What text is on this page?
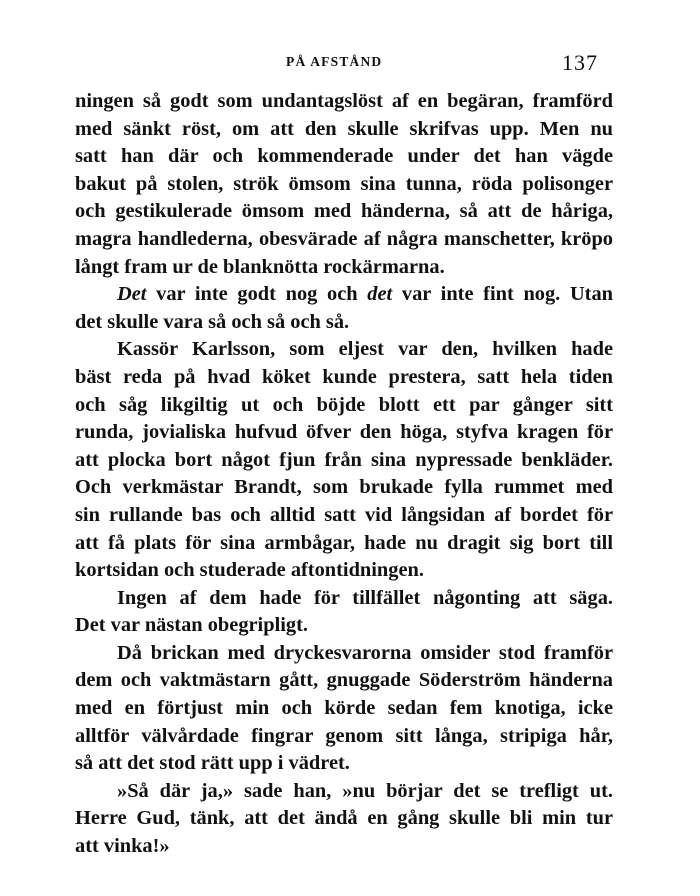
PÅ AFSTÅND	137
ningen så godt som undantagslöst af en begäran, framförd
med sänkt röst, om att den skulle skrifvas upp. Men nu
satt han där och kommenderade under det han vägde
bakut på stolen, strök ömsom sina tunna, röda polisonger
och gestikulerade ömsom med händerna, så att de håriga,
magra handlederna, obesvärade af några manschetter, kröpo
långt fram ur de blanknötta rockärmarna.
Det var inte godt nog och det var inte fint nog. Utan
det skulle vara så och så och så.
Kassör Karlsson, som eljest var den, hvilken hade
bäst reda på hvad köket kunde prestera, satt hela tiden
och såg likgiltig ut och böjde blott ett par gånger sitt
runda, jovialiska hufvud öfver den höga, styfva kragen för
att plocka bort något fjun från sina nypressade benkläder.
Och verkmästar Brandt, som brukade fylla rummet med
sin rullande bas och alltid satt vid långsidan af bordet för
att få plats för sina armbågar, hade nu dragit sig bort till
kortsidan och studerade aftontidningen.
Ingen af dem hade för tillfället någonting att säga.
Det var nästan obegripligt.
Då brickan med dryckesvarorna omsider stod framför
dem och vaktmästarn gått, gnuggade Söderström händerna
med en förtjust min och körde sedan fem knotiga, icke
alltför välvårdade fingrar genom sitt långa, stripiga hår,
så att det stod rätt upp i vädret.
»Så där ja,» sade han, »nu börjar det se trefligt ut.
Herre Gud, tänk, att det ändå en gång skulle bli min tur
att vinka!»
